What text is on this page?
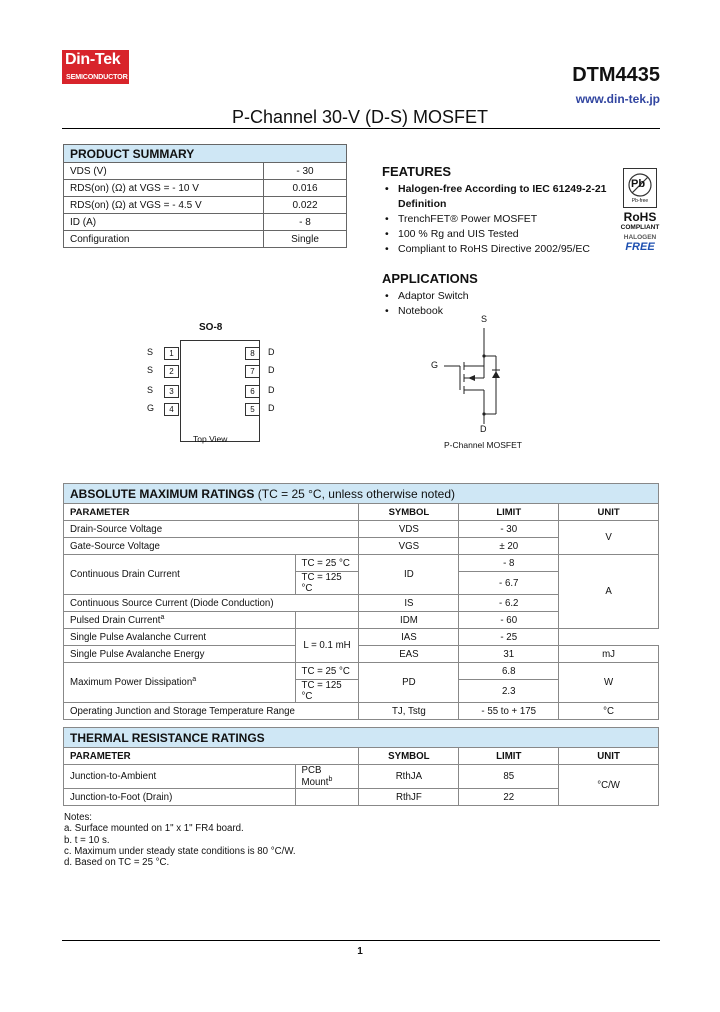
Din-Tek
SEMICONDUCTOR	DTM4435
www.din-tek.jp
P-Channel 30-V (D-S) MOSFET
PRODUCT SUMMARY	
VDS (V)	- 30
RDS(on) (Ω) at VGS = - 10 V	0.016
RDS(on) (Ω) at VGS = - 4.5 V	0.022
ID (A)	- 8
Configuration	Single
FEATURES
• Halogen-free According to IEC 61249-2-21 Definition
• TrenchFET® Power MOSFET
• 100 % Rg and UIS Tested
• Compliant to RoHS Directive 2002/95/EC
Pb
Pb-free
RoHS
COMPLIANT
HALOGEN
FREE
APPLICATIONS
• Adaptor Switch
• Notebook
SO-8
S	1
S	2
S	3
G	4
8	D
7	D
6	D
5	D
Top View
S
G
D
P-Channel MOSFET
ABSOLUTE MAXIMUM RATINGS (TC = 25 °C, unless otherwise noted)				
PARAMETER		SYMBOL	LIMIT	UNIT
Drain-Source Voltage		VDS	- 30	V
Gate-Source Voltage		VGS	± 20	
Continuous Drain Current	TC = 25 °C	ID	- 8	A
	TC = 125 °C		- 6.7	
Continuous Source Current (Diode Conduction)		IS	- 6.2	
Pulsed Drain Current$^a$		IDM	- 60	
Single Pulse Avalanche Current	L = 0.1 mH	IAS	- 25	
Single Pulse Avalanche Energy		EAS	31	mJ
Maximum Power Dissipation$^a$	TC = 25 °C	PD	6.8	W
	TC = 125 °C		2.3	
Operating Junction and Storage Temperature Range		TJ, Tstg	- 55 to + 175	°C
THERMAL RESISTANCE RATINGS				
PARAMETER		SYMBOL	LIMIT	UNIT
Junction-to-Ambient	PCB Mount$^b$	RthJA	85	°C/W
Junction-to-Foot (Drain)		RthJF	22	
Notes:
a. Surface mounted on 1" x 1" FR4 board.
b. t = 10 s.
c. Maximum under steady state conditions is 80 °C/W.
d. Based on TC = 25 °C.
1
